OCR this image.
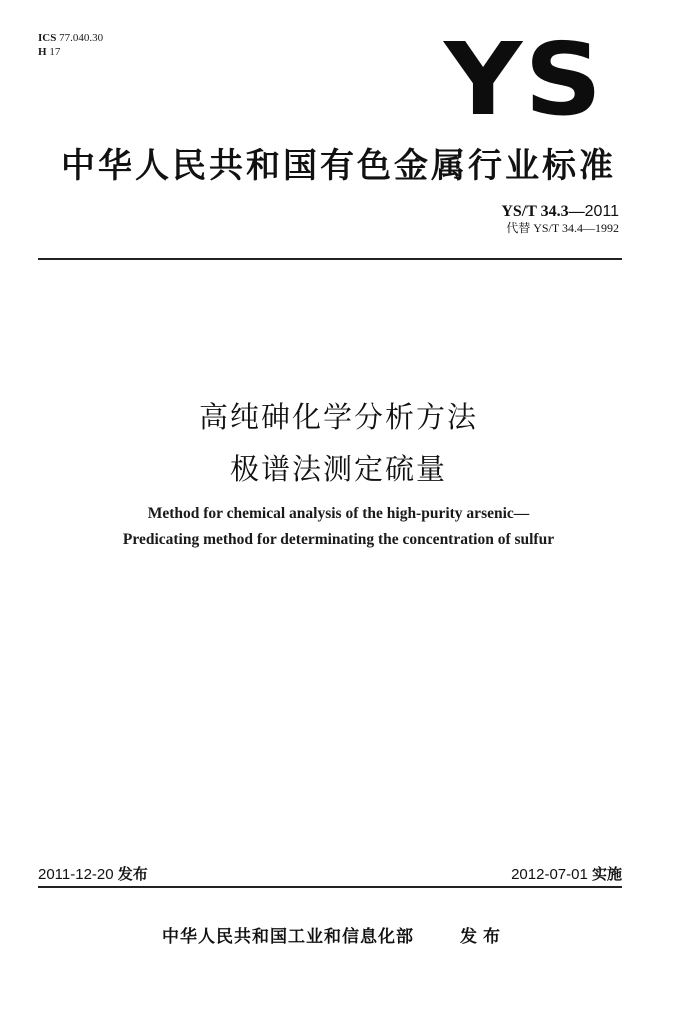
ICS 77.040.30
H 17	YS
中华人民共和国有色金属行业标准
YS/T 34.3—2011
代替 YS/T 34.4—1992
高纯砷化学分析方法
极谱法测定硫量
Method for chemical analysis of the high-purity arsenic—
Predicating method for determinating the concentration of sulfur
2011-12-20 发布	2012-07-01 实施
中华人民共和国工业和信息化部	发布
